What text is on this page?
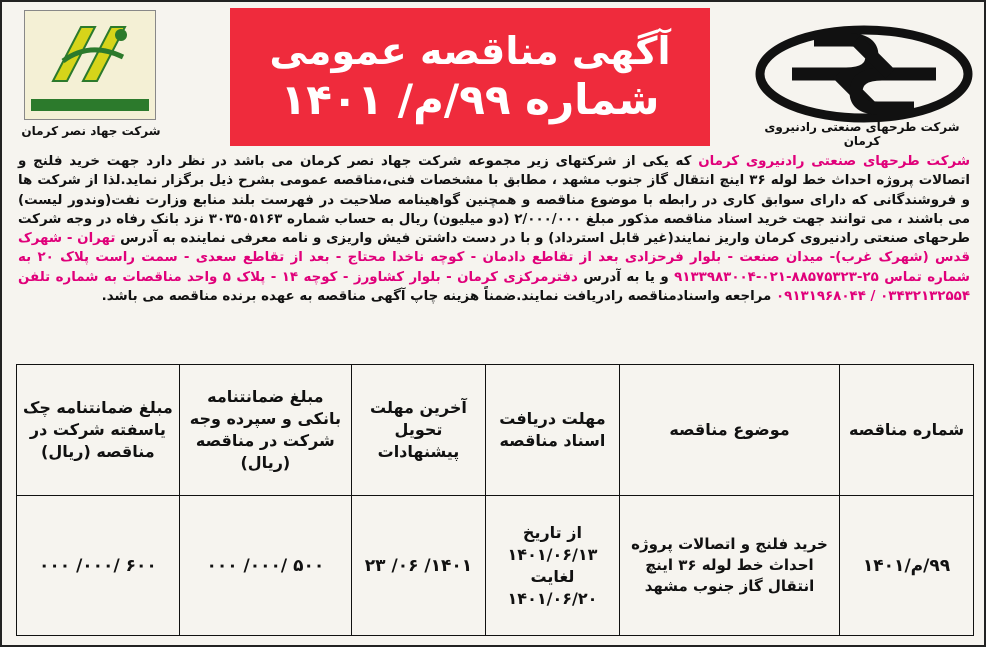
شرکت جهاد نصر کرمان
آگهی مناقصه عمومی
شماره ۹۹/م/ ۱۴۰۱
شرکت طرحهای صنعتی رادنیروی کرمان
شرکت طرحهای صنعتی رادنیروی کرمان که یکی از شرکتهای زیر مجموعه شرکت جهاد نصر کرمان می باشد در نظر دارد جهت خرید فلنج و اتصالات پروژه احداث خط لوله ۳۶ اینچ انتقال گاز جنوب مشهد ، مطابق با مشخصات فنی،مناقصه عمومی بشرح ذیل برگزار نماید.لذا از شرکت ها و فروشندگانی که دارای سوابق کاری در رابطه با موضوع مناقصه و همچنین گواهینامه صلاحیت در فهرست بلند منابع وزارت نفت(وندور لیست) می باشند ، می توانند جهت خرید اسناد مناقصه مذکور مبلغ ۲/۰۰۰/۰۰۰ (دو میلیون) ریال به حساب شماره ۳۰۳۵۰۵۱۶۳ نزد بانک رفاه در وجه شرکت طرحهای صنعتی رادنیروی کرمان واریز نمایند(غیر قابل استرداد) و با در دست داشتن فیش واریزی و نامه معرفی نماینده به آدرس تهران - شهرک قدس (شهرک غرب)- میدان صنعت - بلوار فرحزادی بعد از تقاطع دادمان - کوچه ناخدا محتاج - بعد از تقاطع سعدی - سمت راست پلاک ۲۰ به شماره تماس ۲۵-۸۸۵۷۵۳۲۳-۰۲۱-۹۱۳۳۹۸۳۰۰۴ و یا به آدرس دفترمرکزی کرمان - بلوار کشاورز - کوچه ۱۴ - پلاک ۵ واحد مناقصات به شماره تلفن ۰۳۴۳۲۱۳۲۵۵۴ / ۰۹۱۳۱۹۶۸۰۴۴ مراجعه واسنادمناقصه رادریافت نمایند.ضمناً هزینه چاپ آگهی مناقصه به عهده برنده مناقصه می باشد.
شماره مناقصه	موضوع مناقصه	مهلت دریافت اسناد مناقصه	آخرین مهلت تحویل پیشنهادات	مبلغ ضمانتنامه بانکی و سپرده وجه شرکت در مناقصه (ریال)	مبلغ ضمانتنامه چک یاسفته شرکت در مناقصه (ریال)
۹۹/م/۱۴۰۱	خرید فلنج و اتصالات پروژه احداث خط لوله ۳۶ اینچ انتقال گاز جنوب مشهد	از تاریخ
۱۴۰۱/۰۶/۱۳
لغایت
۱۴۰۱/۰۶/۲۰	۱۴۰۱/ ۰۶/ ۲۳	۵۰۰ /۰۰۰/ ۰۰۰	۶۰۰ /۰۰۰/ ۰۰۰
